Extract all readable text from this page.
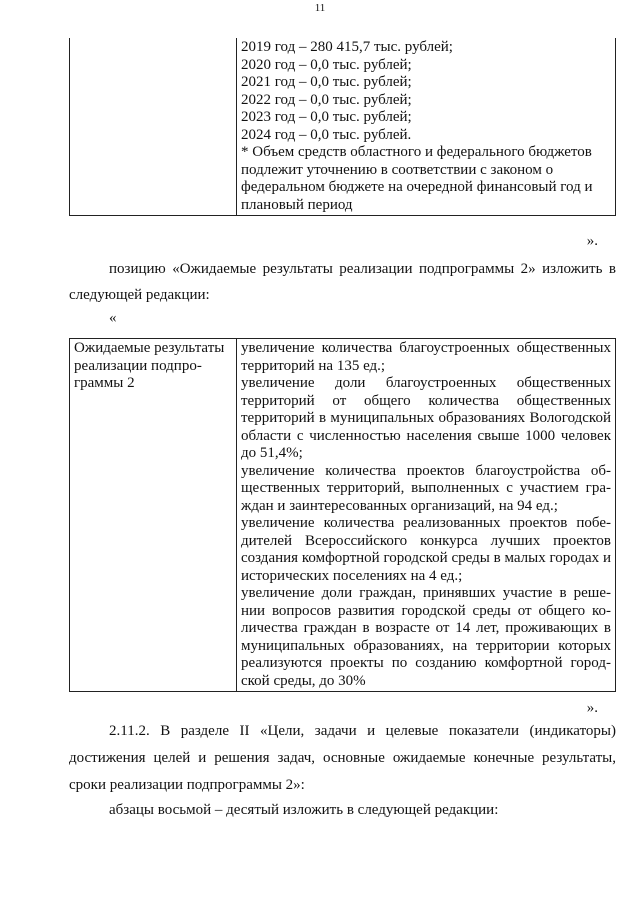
11

2019 год – 280 415,7 тыс. рублей;
2020 год – 0,0 тыс. рублей;
2021 год – 0,0 тыс. рублей;
2022 год – 0,0 тыс. рублей;
2023 год – 0,0 тыс. рублей;
2024 год – 0,0 тыс. рублей.
* Объем средств областного и федерального бюджетов подлежит уточнению в соответствии с законом о федеральном бюджете на очередной финансовый год и плановый период
».

позицию «Ожидаемые результаты реализации подпрограммы 2» изложить в следующей редакции:

«
Ожидаемые результаты реализации подпро-граммы 2

увеличение количества благоустроенных общественных территорий на 135 ед.;
увеличение доли благоустроенных общественных территорий от общего количества общественных территорий в муниципальных образованиях Вологодской области с численностью населения свыше 1000 человек до 51,4%;
увеличение количества проектов благоустройства об-щественных территорий, выполненных с участием гра-ждан и заинтересованных организаций, на 94 ед.;
увеличение количества реализованных проектов побе-дителей Всероссийского конкурса лучших проектов создания комфортной городской среды в малых городах и исторических поселениях на 4 ед.;
увеличение доли граждан, принявших участие в реше-нии вопросов развития городской среды от общего ко-личества граждан в возрасте от 14 лет, проживающих в муниципальных образованиях, на территории которых реализуются проекты по созданию комфортной город-ской среды, до 30%
».

2.11.2. В разделе II «Цели, задачи и целевые показатели (индикаторы) достижения целей и решения задач, основные ожидаемые конечные результаты, сроки реализации подпрограммы 2»:

абзацы восьмой – десятый изложить в следующей редакции:
